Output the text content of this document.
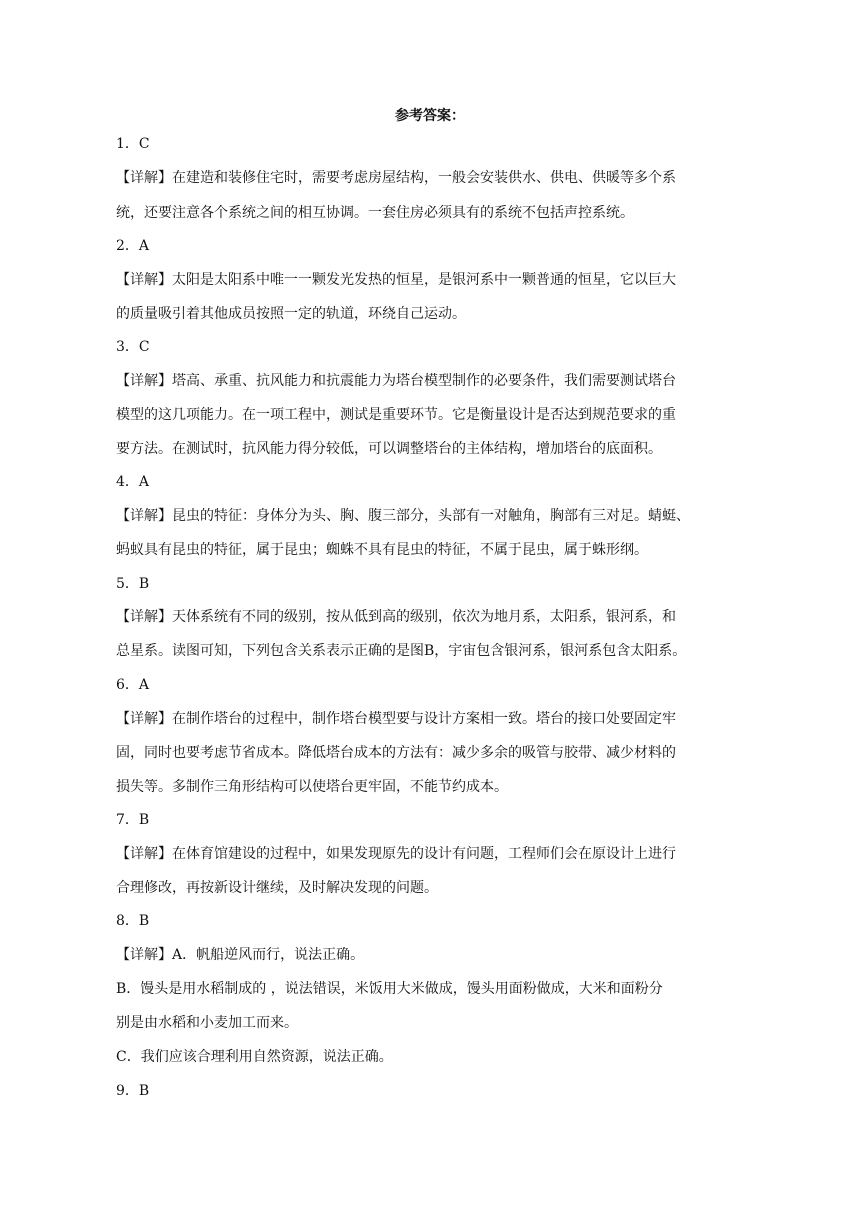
参考答案：
1．C
【详解】在建造和装修住宅时，需要考虑房屋结构，一般会安装供水、供电、供暖等多个系
统，还要注意各个系统之间的相互协调。一套住房必须具有的系统不包括声控系统。
2．A
【详解】太阳是太阳系中唯一一颗发光发热的恒星，是银河系中一颗普通的恒星，它以巨大
的质量吸引着其他成员按照一定的轨道，环绕自己运动。
3．C
【详解】塔高、承重、抗风能力和抗震能力为塔台模型制作的必要条件，我们需要测试塔台
模型的这几项能力。在一项工程中，测试是重要环节。它是衡量设计是否达到规范要求的重
要方法。在测试时，抗风能力得分较低，可以调整塔台的主体结构，增加塔台的底面积。
4．A
【详解】昆虫的特征：身体分为头、胸、腹三部分，头部有一对触角，胸部有三对足。蜻蜓、
蚂蚁具有昆虫的特征，属于昆虫；蜘蛛不具有昆虫的特征，不属于昆虫，属于蛛形纲。
5．B
【详解】天体系统有不同的级别，按从低到高的级别，依次为地月系，太阳系，银河系，和
总星系。读图可知，下列包含关系表示正确的是图B，宇宙包含银河系，银河系包含太阳系。
6．A
【详解】在制作塔台的过程中，制作塔台模型要与设计方案相一致。塔台的接口处要固定牢
固，同时也要考虑节省成本。降低塔台成本的方法有：减少多余的吸管与胶带、减少材料的
损失等。多制作三角形结构可以使塔台更牢固，不能节约成本。
7．B
【详解】在体育馆建设的过程中，如果发现原先的设计有问题，工程师们会在原设计上进行
合理修改，再按新设计继续，及时解决发现的问题。
8．B
【详解】A．帆船逆风而行，说法正确。
B．馒头是用水稻制成的 ，说法错误，米饭用大米做成，馒头用面粉做成，大米和面粉分
别是由水稻和小麦加工而来。
C．我们应该合理利用自然资源，说法正确。
9．B
